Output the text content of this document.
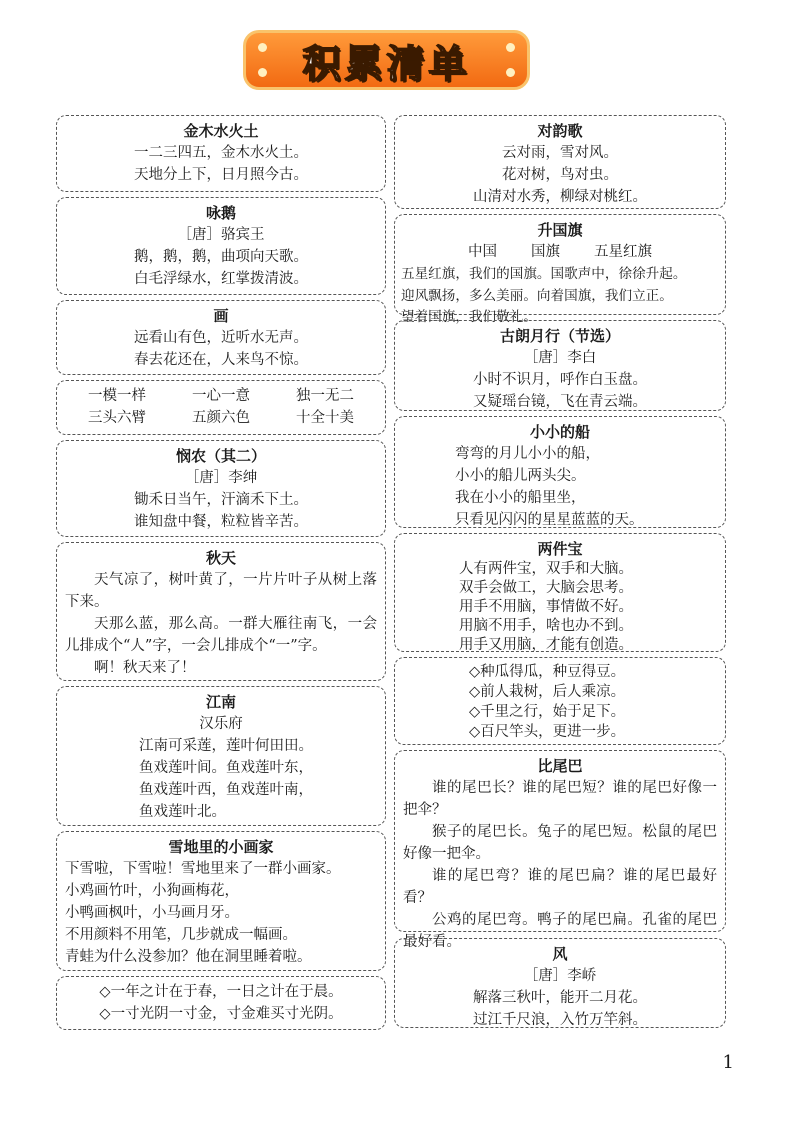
积累清单
金木水火土
一二三四五，金木水火土。
天地分上下，日月照今古。
咏鹅
［唐］骆宾王
鹅，鹅，鹅，曲项向天歌。
白毛浮绿水，红掌拨清波。
画
远看山有色，近听水无声。
春去花还在，人来鸟不惊。
一模一样	一心一意	独一无二
三头六臂	五颜六色	十全十美
悯农（其二）
［唐］李绅
锄禾日当午，汗滴禾下土。
谁知盘中餐，粒粒皆辛苦。
秋天
天气凉了，树叶黄了，一片片叶子从树上落下来。
天那么蓝，那么高。一群大雁往南飞，一会儿排成个“人”字，一会儿排成个“一”字。
啊！秋天来了！
江南
汉乐府
江南可采莲，莲叶何田田。
鱼戏莲叶间。鱼戏莲叶东，
鱼戏莲叶西，鱼戏莲叶南，
鱼戏莲叶北。
雪地里的小画家
下雪啦，下雪啦！雪地里来了一群小画家。
小鸡画竹叶，小狗画梅花，
小鸭画枫叶，小马画月牙。
不用颜料不用笔，几步就成一幅画。
青蛙为什么没参加？他在洞里睡着啦。
◇一年之计在于春，一日之计在于晨。
◇一寸光阴一寸金，寸金难买寸光阴。
对韵歌
云对雨，雪对风。
花对树，鸟对虫。
山清对水秀，柳绿对桃红。
升国旗
中国 国旗 五星红旗
五星红旗，我们的国旗。国歌声中，徐徐升起。
迎风飘扬，多么美丽。向着国旗，我们立正。
望着国旗，我们敬礼。
古朗月行（节选）
［唐］李白
小时不识月，呼作白玉盘。
又疑瑶台镜，飞在青云端。
小小的船
弯弯的月儿小小的船，
小小的船儿两头尖。
我在小小的船里坐，
只看见闪闪的星星蓝蓝的天。
两件宝
人有两件宝，双手和大脑。
双手会做工，大脑会思考。
用手不用脑，事情做不好。
用脑不用手，啥也办不到。
用手又用脑，才能有创造。
◇种瓜得瓜，种豆得豆。
◇前人栽树，后人乘凉。
◇千里之行，始于足下。
◇百尺竿头，更进一步。
比尾巴
谁的尾巴长？谁的尾巴短？谁的尾巴好像一把伞？
猴子的尾巴长。兔子的尾巴短。松鼠的尾巴好像一把伞。
谁的尾巴弯？谁的尾巴扁？谁的尾巴最好看？
公鸡的尾巴弯。鸭子的尾巴扁。孔雀的尾巴最好看。
风
［唐］李峤
解落三秋叶，能开二月花。
过江千尺浪，入竹万竿斜。
1
